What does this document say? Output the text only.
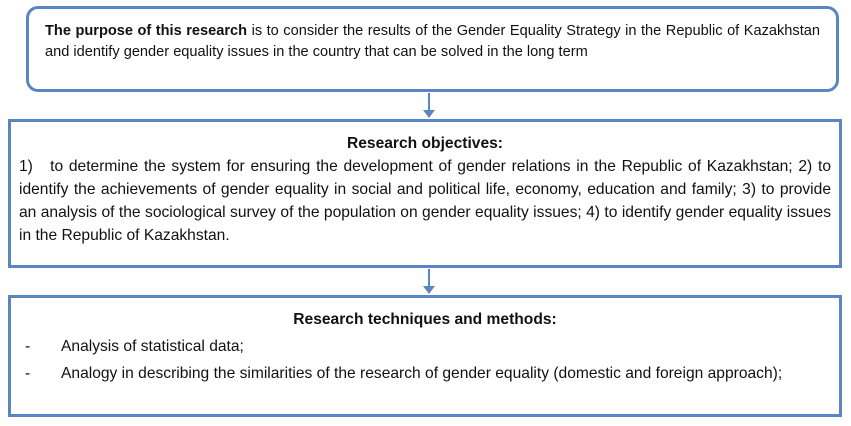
The purpose of this research is to consider the results of the Gender Equality Strategy in the Republic of Kazakhstan and identify gender equality issues in the country that can be solved in the long term
Research objectives:
1)   to determine the system for ensuring the development of gender relations in the Republic of Kazakhstan; 2) to identify the achievements of gender equality in social and political life, economy, education and family; 3) to provide an analysis of the sociological survey of the population on gender equality issues; 4) to identify gender equality issues in the Republic of Kazakhstan.
Research techniques and methods:
- Analysis of statistical data;
- Analogy in describing the similarities of the research of gender equality (domestic and foreign approach);
